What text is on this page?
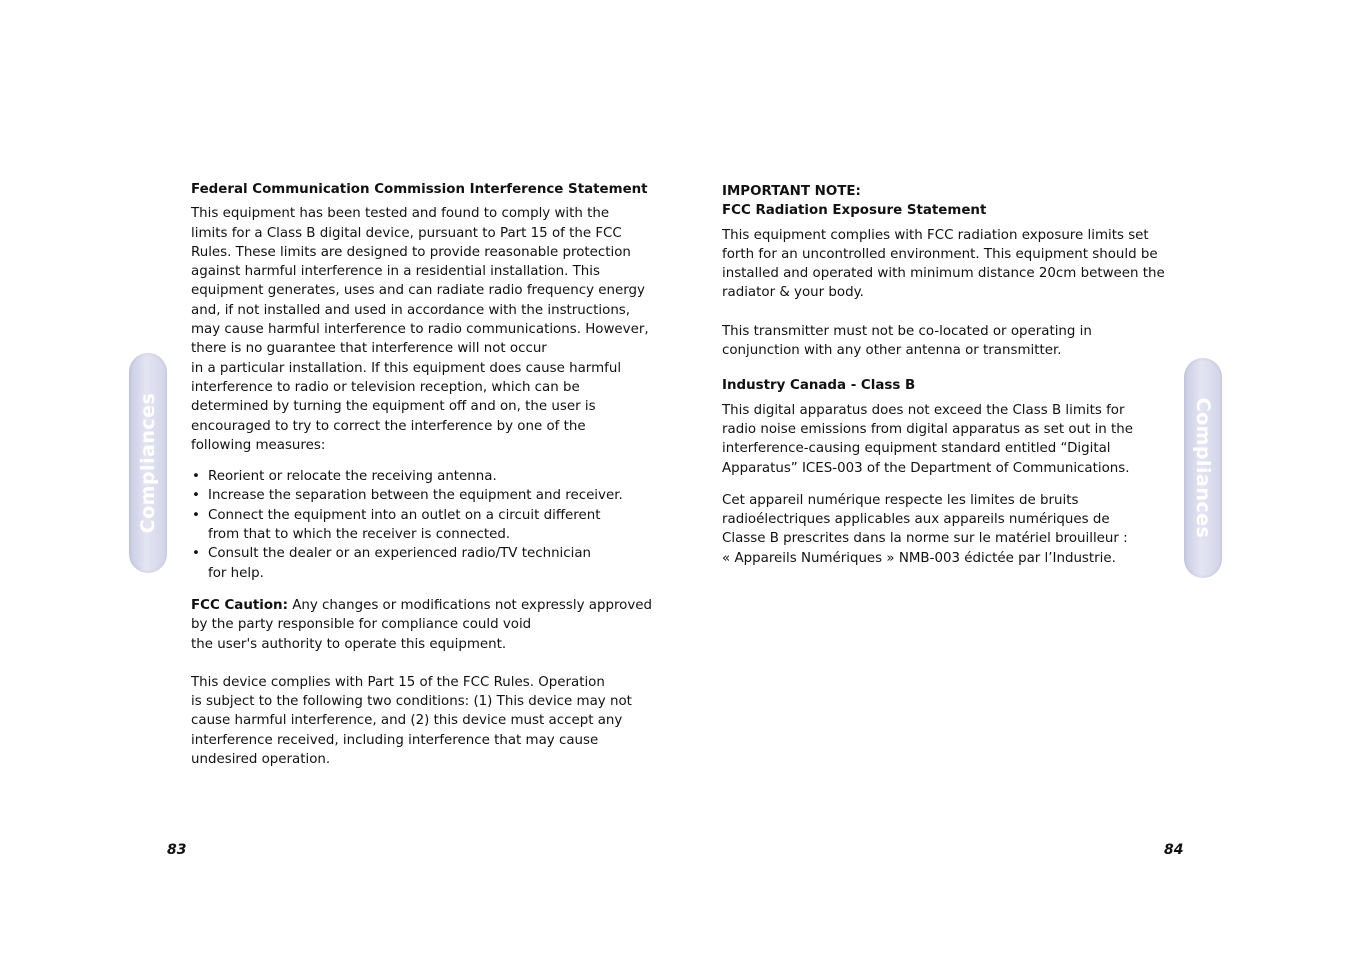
Federal Communication Commission Interference Statement

This equipment has been tested and found to comply with the
limits for a Class B digital device, pursuant to Part 15 of the FCC
Rules. These limits are designed to provide reasonable protection
against harmful interference in a residential installation. This
equipment generates, uses and can radiate radio frequency energy
and, if not installed and used in accordance with the instructions,
may cause harmful interference to radio communications. However,
there is no guarantee that interference will not occur
in a particular installation. If this equipment does cause harmful
interference to radio or television reception, which can be
determined by turning the equipment off and on, the user is
encouraged to try to correct the interference by one of the
following measures:

• Reorient or relocate the receiving antenna.
• Increase the separation between the equipment and receiver.
• Connect the equipment into an outlet on a circuit different
from that to which the receiver is connected.
• Consult the dealer or an experienced radio/TV technician
for help.

FCC Caution: Any changes or modifications not expressly approved
by the party responsible for compliance could void
the user's authority to operate this equipment.

This device complies with Part 15 of the FCC Rules. Operation
is subject to the following two conditions: (1) This device may not
cause harmful interference, and (2) this device must accept any
interference received, including interference that may cause
undesired operation.

Compliances
83
IMPORTANT NOTE:
FCC Radiation Exposure Statement

This equipment complies with FCC radiation exposure limits set
forth for an uncontrolled environment. This equipment should be
installed and operated with minimum distance 20cm between the
radiator & your body.

This transmitter must not be co-located or operating in
conjunction with any other antenna or transmitter.

Industry Canada - Class B

This digital apparatus does not exceed the Class B limits for
radio noise emissions from digital apparatus as set out in the
interference-causing equipment standard entitled “Digital
Apparatus” ICES-003 of the Department of Communications.

Cet appareil numérique respecte les limites de bruits
radioélectriques applicables aux appareils numériques de
Classe B prescrites dans la norme sur le matériel brouilleur :
« Appareils Numériques » NMB-003 édictée par l’Industrie.

Compliances
84
